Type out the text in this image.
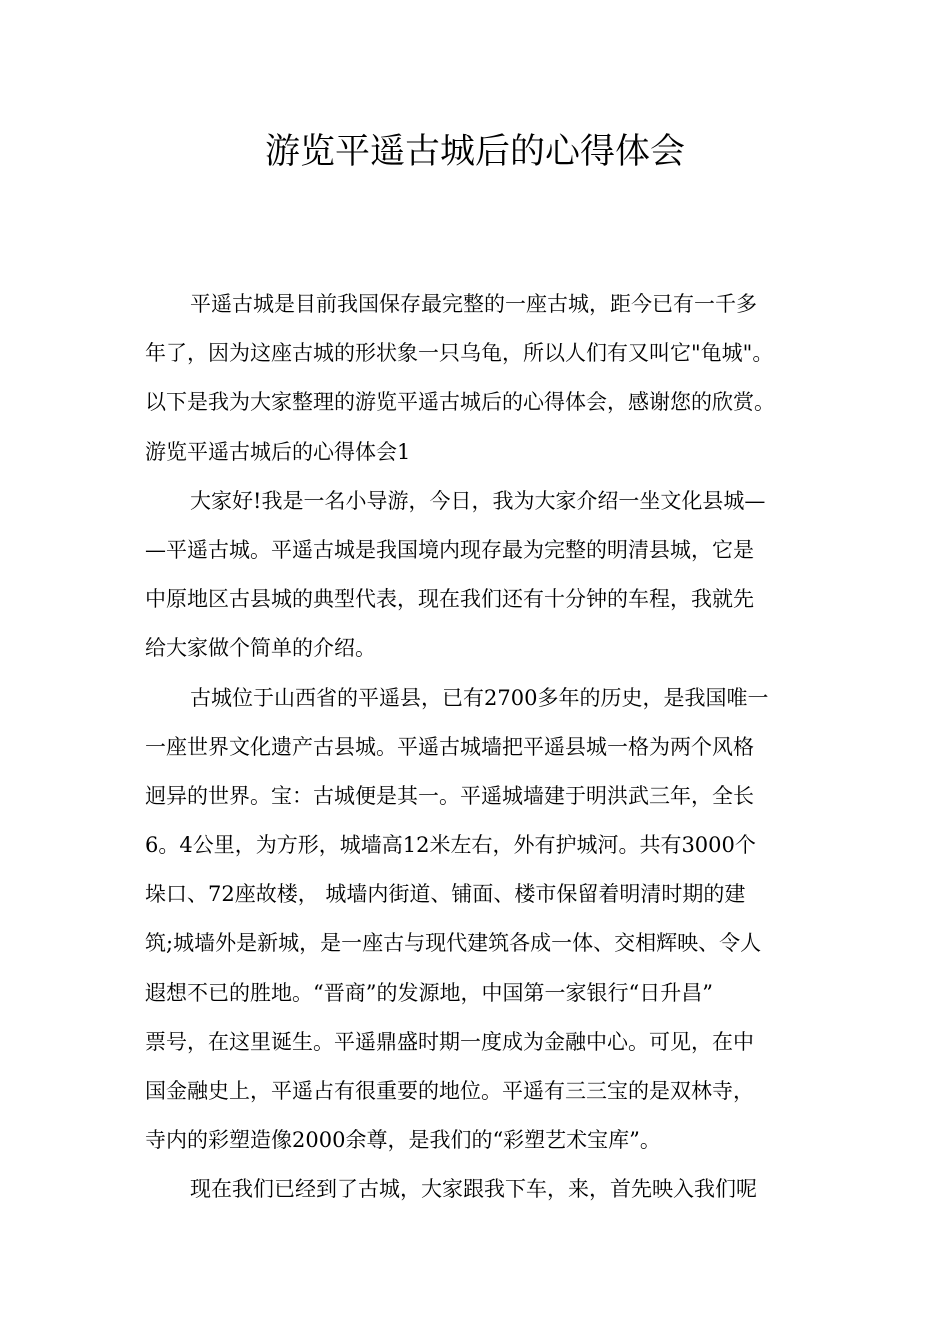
游览平遥古城后的心得体会
平遥古城是目前我国保存最完整的一座古城，距今已有一千多
年了，因为这座古城的形状象一只乌龟，所以人们有又叫它"龟城"。
以下是我为大家整理的游览平遥古城后的心得体会，感谢您的欣赏。
游览平遥古城后的心得体会1
大家好!我是一名小导游，今日，我为大家介绍一坐文化县城—
—平遥古城。平遥古城是我国境内现存最为完整的明清县城，它是
中原地区古县城的典型代表，现在我们还有十分钟的车程，我就先
给大家做个简单的介绍。
古城位于山西省的平遥县，已有2700多年的历史，是我国唯一
一座世界文化遗产古县城。平遥古城墙把平遥县城一格为两个风格
迥异的世界。宝：古城便是其一。平遥城墙建于明洪武三年，全长
6。4公里，为方形，城墙高12米左右，外有护城河。共有3000个
垛口、72座故楼， 城墙内街道、铺面、楼市保留着明清时期的建
筑;城墙外是新城，是一座古与现代建筑各成一体、交相辉映、令人
遐想不已的胜地。“晋商”的发源地，中国第一家银行“日升昌”
票号，在这里诞生。平遥鼎盛时期一度成为金融中心。可见，在中
国金融史上，平遥占有很重要的地位。平遥有三三宝的是双林寺，
寺内的彩塑造像2000余尊，是我们的“彩塑艺术宝库”。
现在我们已经到了古城，大家跟我下车，来，首先映入我们呢
